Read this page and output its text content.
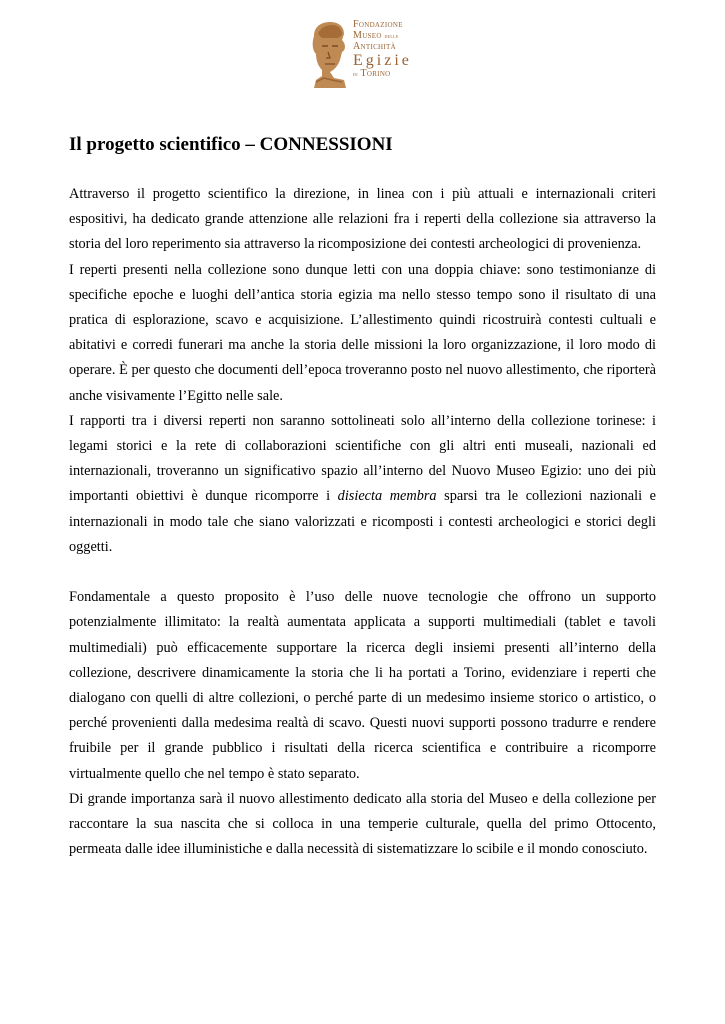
Fondazione
Museo delle
Antichità
Egizie
di Torino
Il progetto scientifico – CONNESSIONI

Attraverso il progetto scientifico la direzione, in linea con i più attuali e internazionali criteri espositivi, ha dedicato grande attenzione alle relazioni fra i reperti della collezione sia attraverso la storia del loro reperimento sia attraverso la ricomposizione dei contesti archeologici di provenienza.

I reperti presenti nella collezione sono dunque letti con una doppia chiave: sono testimonianze di specifiche epoche e luoghi dell’antica storia egizia ma nello stesso tempo sono il risultato di una pratica di esplorazione, scavo e acquisizione. L’allestimento quindi ricostruirà contesti cultuali e abitativi e corredi funerari ma anche la storia delle missioni la loro organizzazione, il loro modo di operare. È per questo che documenti dell’epoca troveranno posto nel nuovo allestimento, che riporterà anche visivamente l’Egitto nelle sale.

I rapporti tra i diversi reperti non saranno sottolineati solo all’interno della collezione torinese: i legami storici e la rete di collaborazioni scientifiche con gli altri enti museali, nazionali ed internazionali, troveranno un significativo spazio all’interno del Nuovo Museo Egizio: uno dei più importanti obiettivi è dunque ricomporre i disiecta membra sparsi tra le collezioni nazionali e internazionali in modo tale che siano valorizzati e ricomposti i contesti archeologici e storici degli oggetti.

Fondamentale a questo proposito è l’uso delle nuove tecnologie che offrono un supporto potenzialmente illimitato: la realtà aumentata applicata a supporti multimediali (tablet e tavoli multimediali) può efficacemente supportare la ricerca degli insiemi presenti all’interno della collezione, descrivere dinamicamente la storia che li ha portati a Torino, evidenziare i reperti che dialogano con quelli di altre collezioni, o perché parte di un medesimo insieme storico o artistico, o perché provenienti dalla medesima realtà di scavo. Questi nuovi supporti possono tradurre e rendere fruibile per il grande pubblico i risultati della ricerca scientifica e contribuire a ricomporre virtualmente quello che nel tempo è stato separato.

Di grande importanza sarà il nuovo allestimento dedicato alla storia del Museo e della collezione per raccontare la sua nascita che si colloca in una temperie culturale, quella del primo Ottocento, permeata dalle idee illuministiche e dalla necessità di sistematizzare lo scibile e il mondo conosciuto.
